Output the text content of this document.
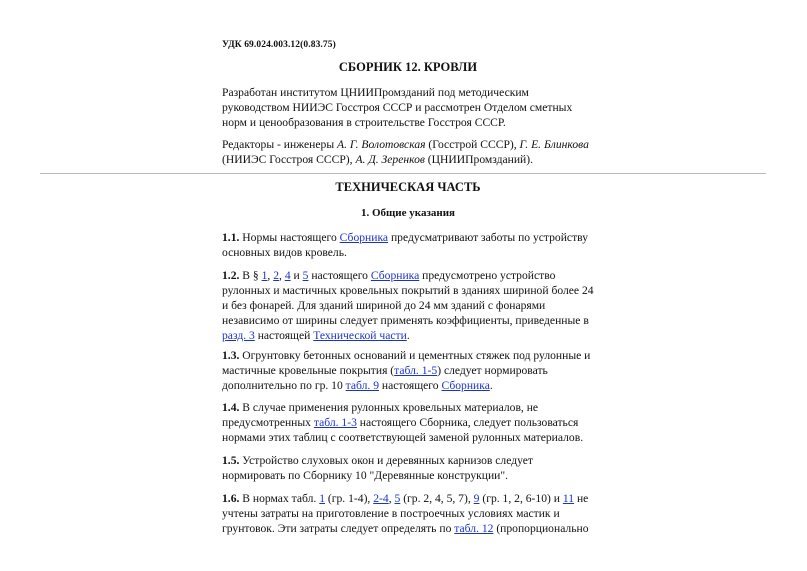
УДК 69.024.003.12(0.83.75)
СБОРНИК 12. КРОВЛИ
Разработан институтом ЦНИИПромзданий под методическим руководством НИИЭС Госстроя СССР и рассмотрен Отделом сметных норм и ценообразования в строительстве Госстроя СССР.
Редакторы - инженеры А. Г. Волотовская (Госстрой СССР), Г. Е. Блинкова (НИИЭС Госстроя СССР), А. Д. Зеренков (ЦНИИПромзданий).
ТЕХНИЧЕСКАЯ ЧАСТЬ
1. Общие указания

1.1. Нормы настоящего Сборника предусматривают заботы по устройству основных видов кровель.

1.2. В § 1, 2, 4 и 5 настоящего Сборника предусмотрено устройство рулонных и мастичных кровельных покрытий в зданиях шириной более 24 и без фонарей. Для зданий шириной до 24 мм зданий с фонарями независимо от ширины следует применять коэффициенты, приведенные в разд. 3 настоящей Технической части.

1.3. Огрунтовку бетонных оснований и цементных стяжек под рулонные и мастичные кровельные покрытия (табл. 1-5) следует нормировать дополнительно по гр. 10 табл. 9 настоящего Сборника.

1.4. В случае применения рулонных кровельных материалов, не предусмотренных табл. 1-3 настоящего Сборника, следует пользоваться нормами этих таблиц с соответствующей заменой рулонных материалов.

1.5. Устройство слуховых окон и деревянных карнизов следует нормировать по Сборнику 10 "Деревянные конструкции".

1.6. В нормах табл. 1 (гр. 1-4), 2-4, 5 (гр. 2, 4, 5, 7), 9 (гр. 1, 2, 6-10) и 11 не учтены затраты на приготовление в построечных условиях мастик и грунтовок. Эти затраты следует определять по табл. 12 (пропорционально
